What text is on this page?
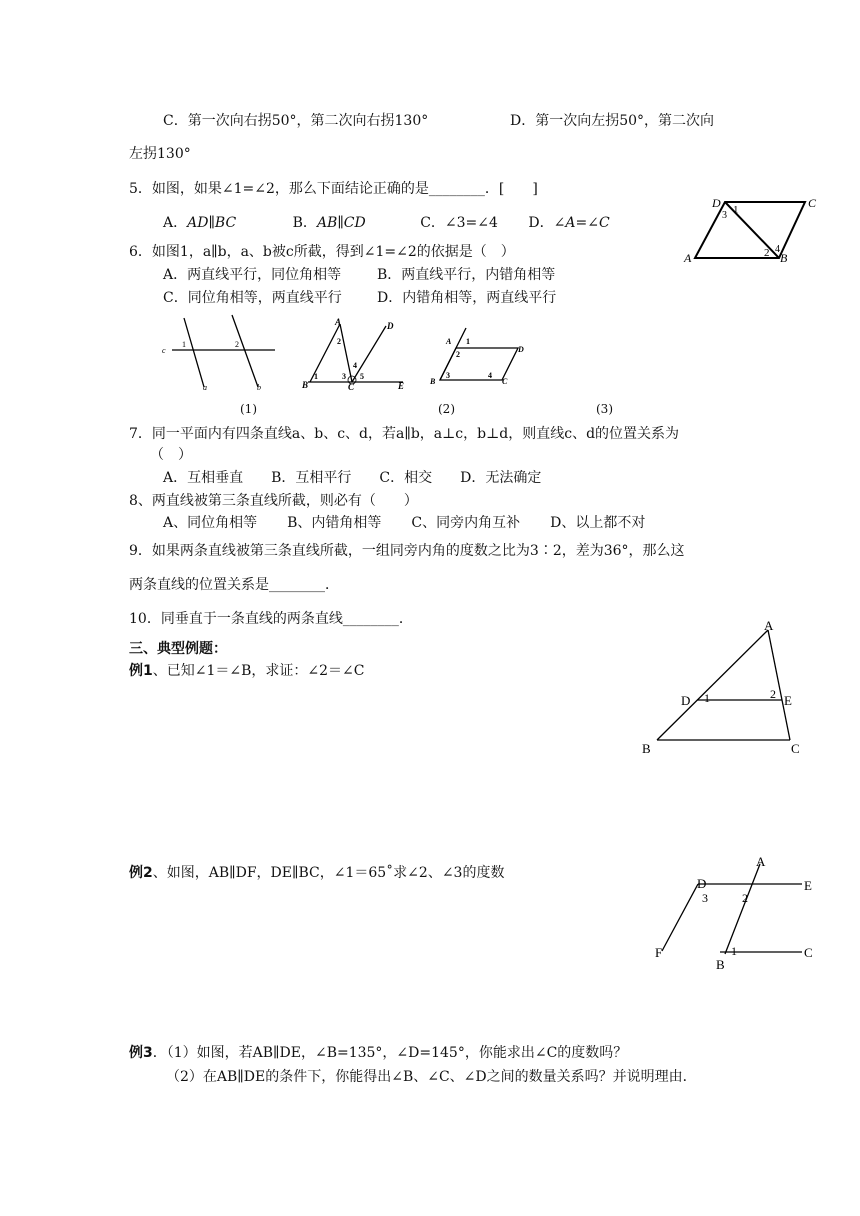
C．第一次向右拐50°，第二次向右拐130°	D．第一次向左拐50°，第二次向
左拐130°
5．如图，如果∠1=∠2，那么下面结论正确的是________．[　　]
A．AD∥BC	B．AB∥CD	C．∠3=∠4 D．∠A=∠C
6．如图1，a∥b，a、b被c所截，得到∠1=∠2的依据是（　）
A．两直线平行，同位角相等	B．两直线平行，内错角相等
C．同位角相等，两直线平行	D．内错角相等，两直线平行
7．同一平面内有四条直线a、b、c、d，若a∥b，a⊥c，b⊥d，则直线c、d的位置关系为
（　）
A．互相垂直　　B．互相平行　　C．相交　　D．无法确定
8、两直线被第三条直线所截，则必有（　　）
A、同位角相等 B、内错角相等 C、同旁内角互补 D、以上都不对
9．如果两条直线被第三条直线所截，一组同旁内角的度数之比为3∶2，差为36°，那么这
两条直线的位置关系是________．
10．同垂直于一条直线的两条直线________．
三、典型例题：
例1、已知∠1＝∠B，求证：∠2＝∠C
例2、如图，AB∥DF，DE∥BC，∠1＝65˚求∠2、∠3的度数
例3．（1）如图，若AB∥DE，∠B=135°，∠D=145°，你能求出∠C的度数吗？
（2）在AB∥DE的条件下，你能得出∠B、∠C、∠D之间的数量关系吗？并说明理由．
D	C
A	B
1
3
2 4
c
1	2
a	b
(1)
A	D
2
4
B
1	3
C
5
E
(2)
A 1
2
D
B
3	4
C
(3)
A
D 1	2 E
B	C
A
D	E
3	2
F	1	C
B
